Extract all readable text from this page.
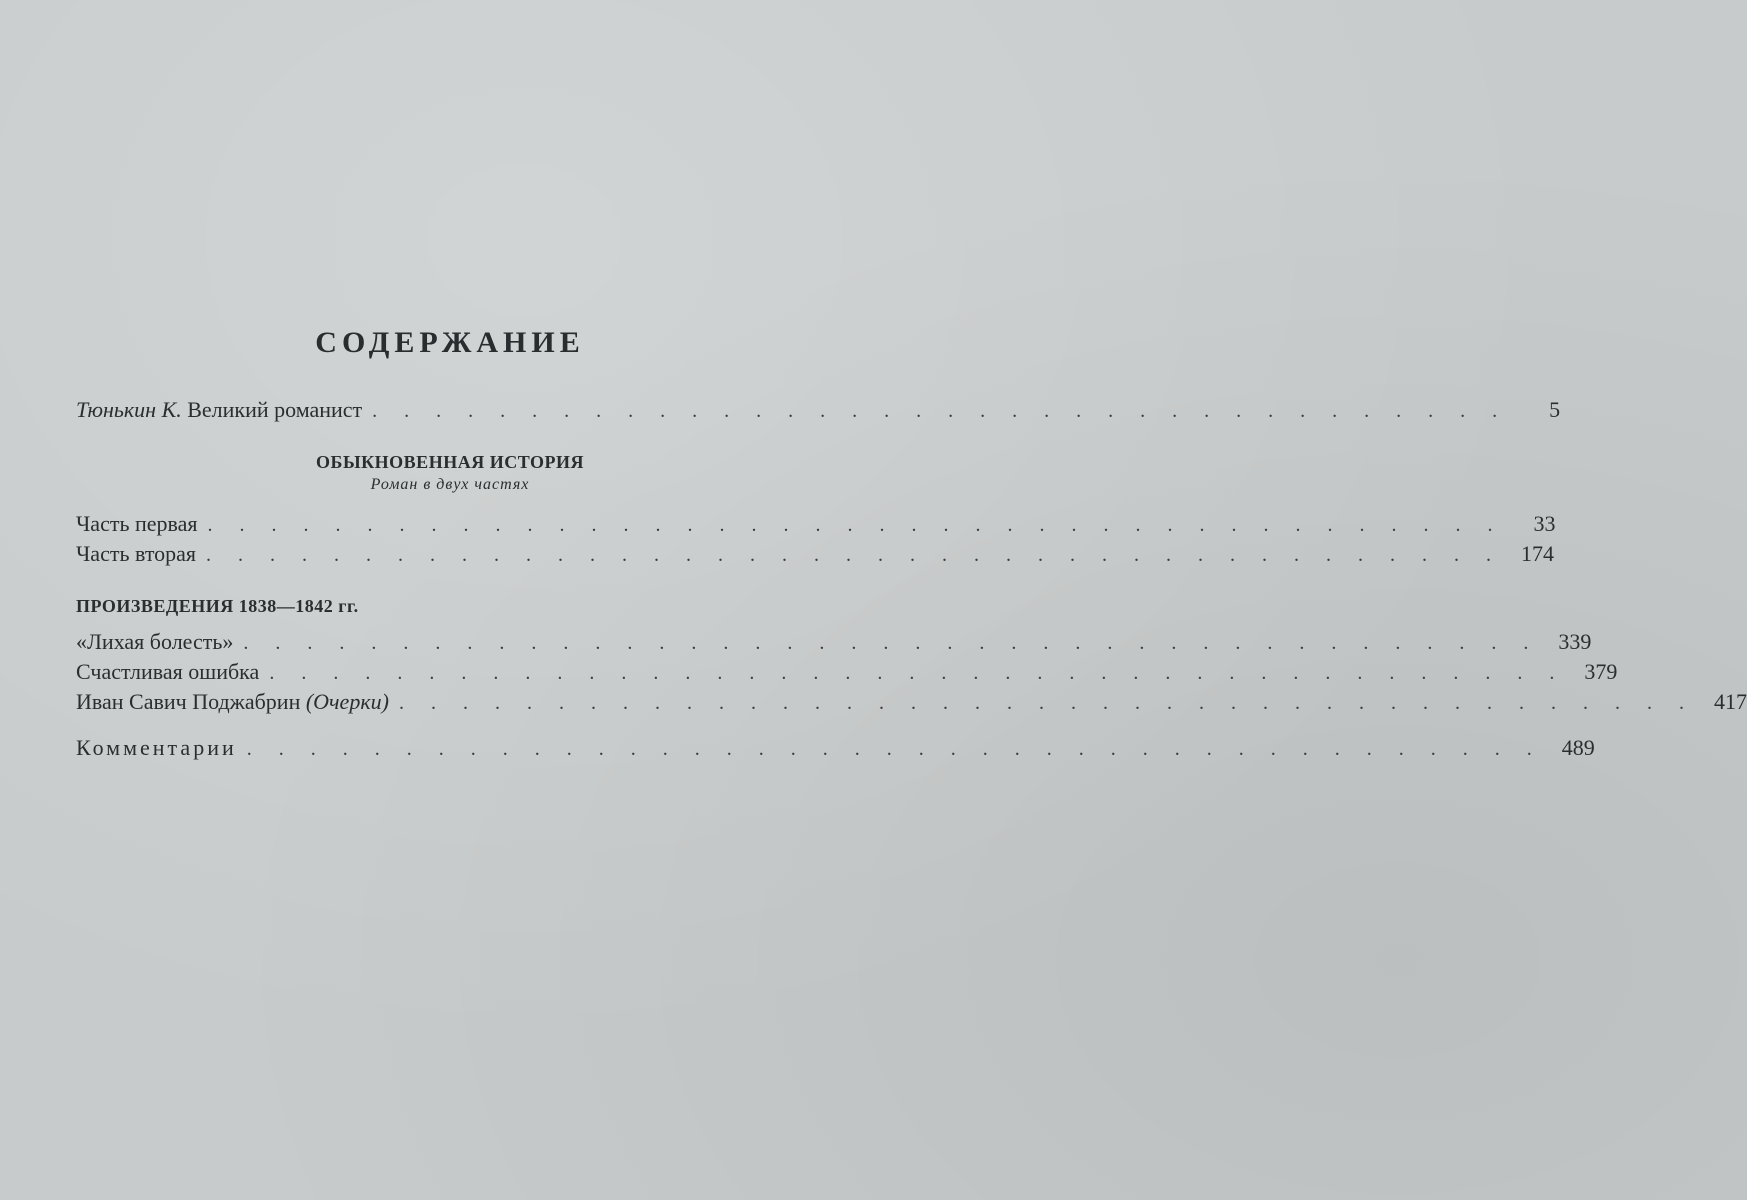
СОДЕРЖАНИЕ
Тюнькин К. Великий романист . . . . . . . . . . . . . . . . . . . . . . . . . . . . . . . . . . . .	5
ОБЫКНОВЕННАЯ ИСТОРИЯ
Роман в двух частях
Часть первая . . . . . . . . . . . . . . . . . . . . . . . . . . . . . . . . . . . . . . . . .	33
Часть вторая . . . . . . . . . . . . . . . . . . . . . . . . . . . . . . . . . . . . . . . . . 174
ПРОИЗВЕДЕНИЯ 1838—1842 гг.
«Лихая болесть» . . . . . . . . . . . . . . . . . . . . . . . . . . . . . . . . . . . . . . . . . 339
Счастливая ошибка . . . . . . . . . . . . . . . . . . . . . . . . . . . . . . . . . . . . . . . . . 379
Иван Савич Поджабрин (Очерки) . . . . . . . . . . . . . . . . . . . . . . . . . . . . . . . . . . . . . . . . . 417
Комментарии . . . . . . . . . . . . . . . . . . . . . . . . . . . . . . . . . . . . . . . . . 489
